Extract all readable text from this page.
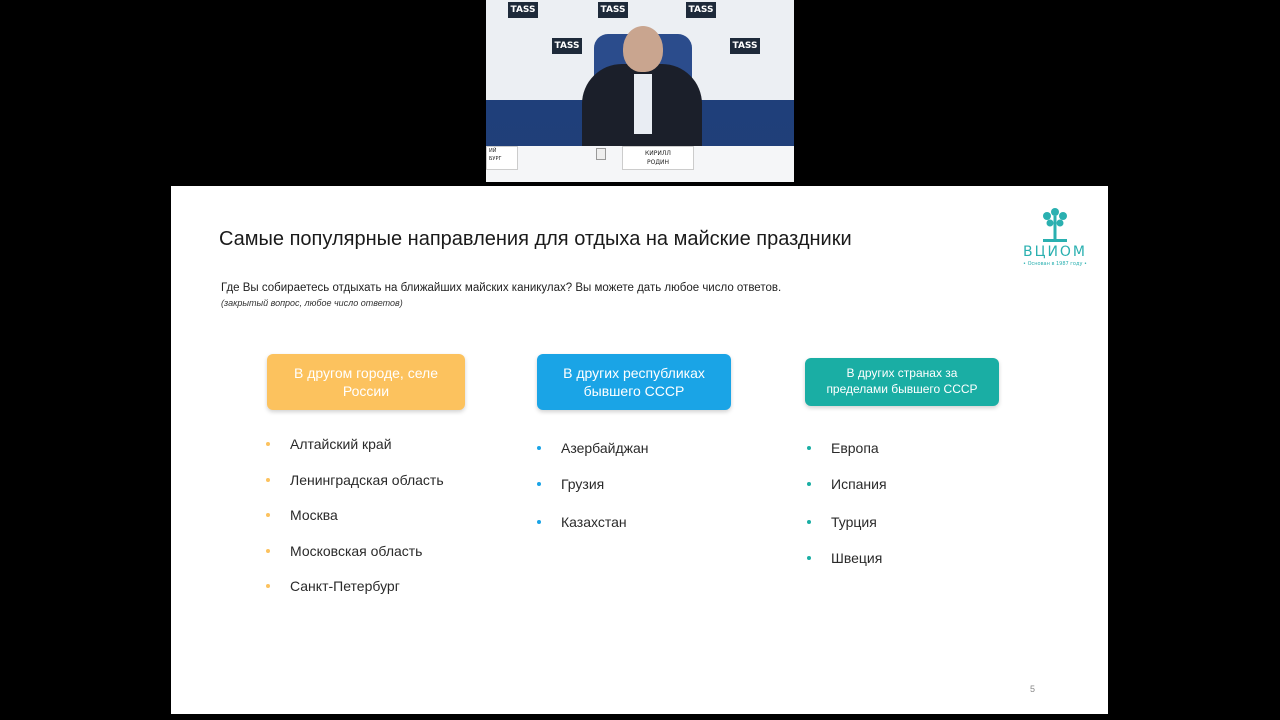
TASS	TASS	TASS
TASS	TASS
ИЙ
БУРГ
КИРИЛЛ
РОДИН
Самые популярные направления для отдыха на майские праздники
Где Вы собираетесь отдыхать на ближайших майских каникулах? Вы можете дать любое число ответов.
(закрытый вопрос, любое число ответов)
ВЦИОМ
• Основан в 1987 году •
В другом городе, селе
России
В других республиках
бывшего СССР
В других странах за
пределами бывшего СССР
Алтайский край
Ленинградская область
Москва
Московская область
Санкт-Петербург
Азербайджан
Грузия
Казахстан
Европа
Испания
Турция
Швеция
5
